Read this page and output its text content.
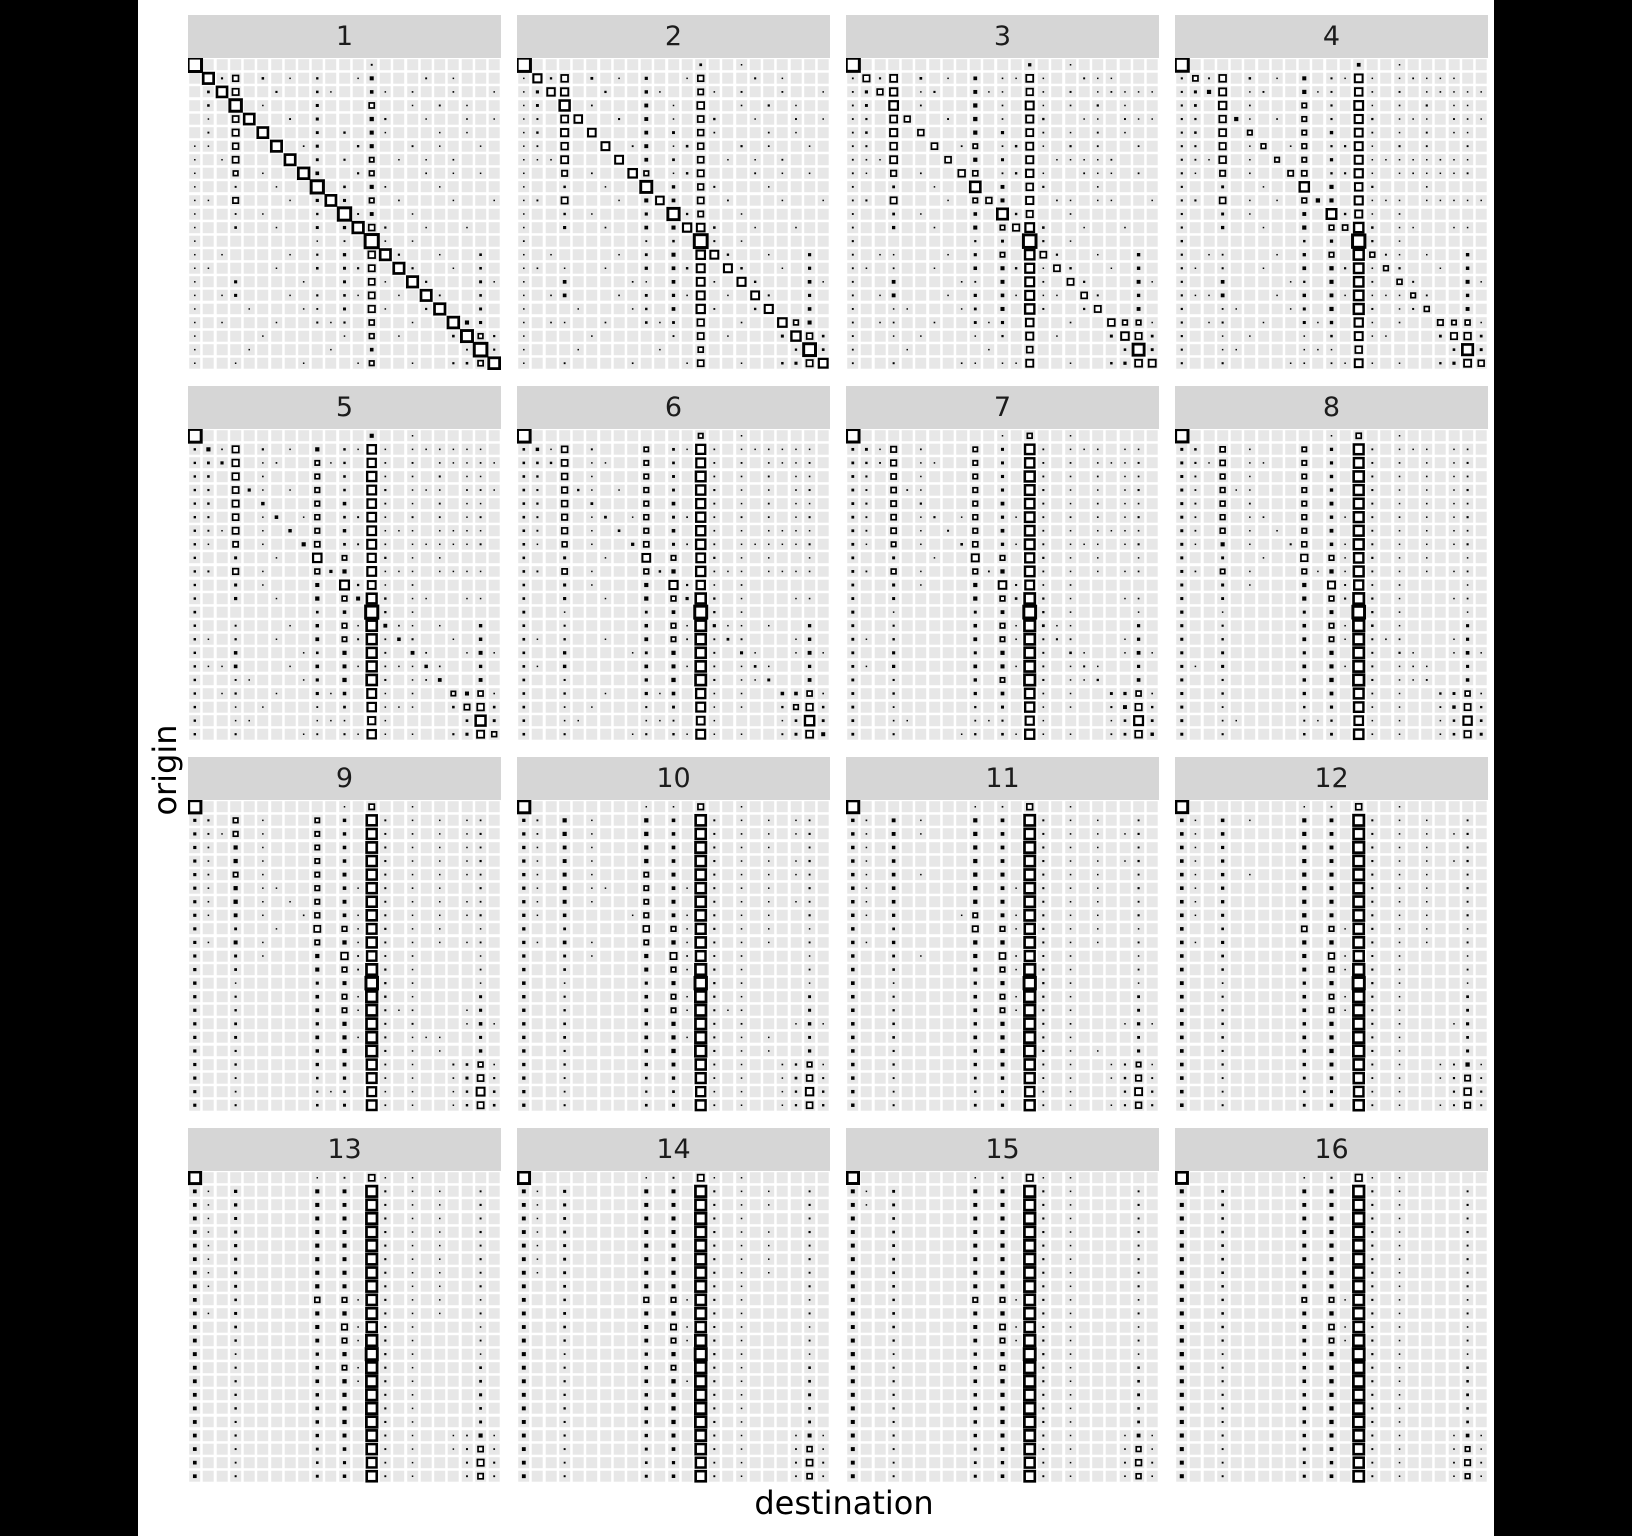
1	2	3	4
5	6	7	8
9	10	11	12
13	14	15	16
destination
origin
